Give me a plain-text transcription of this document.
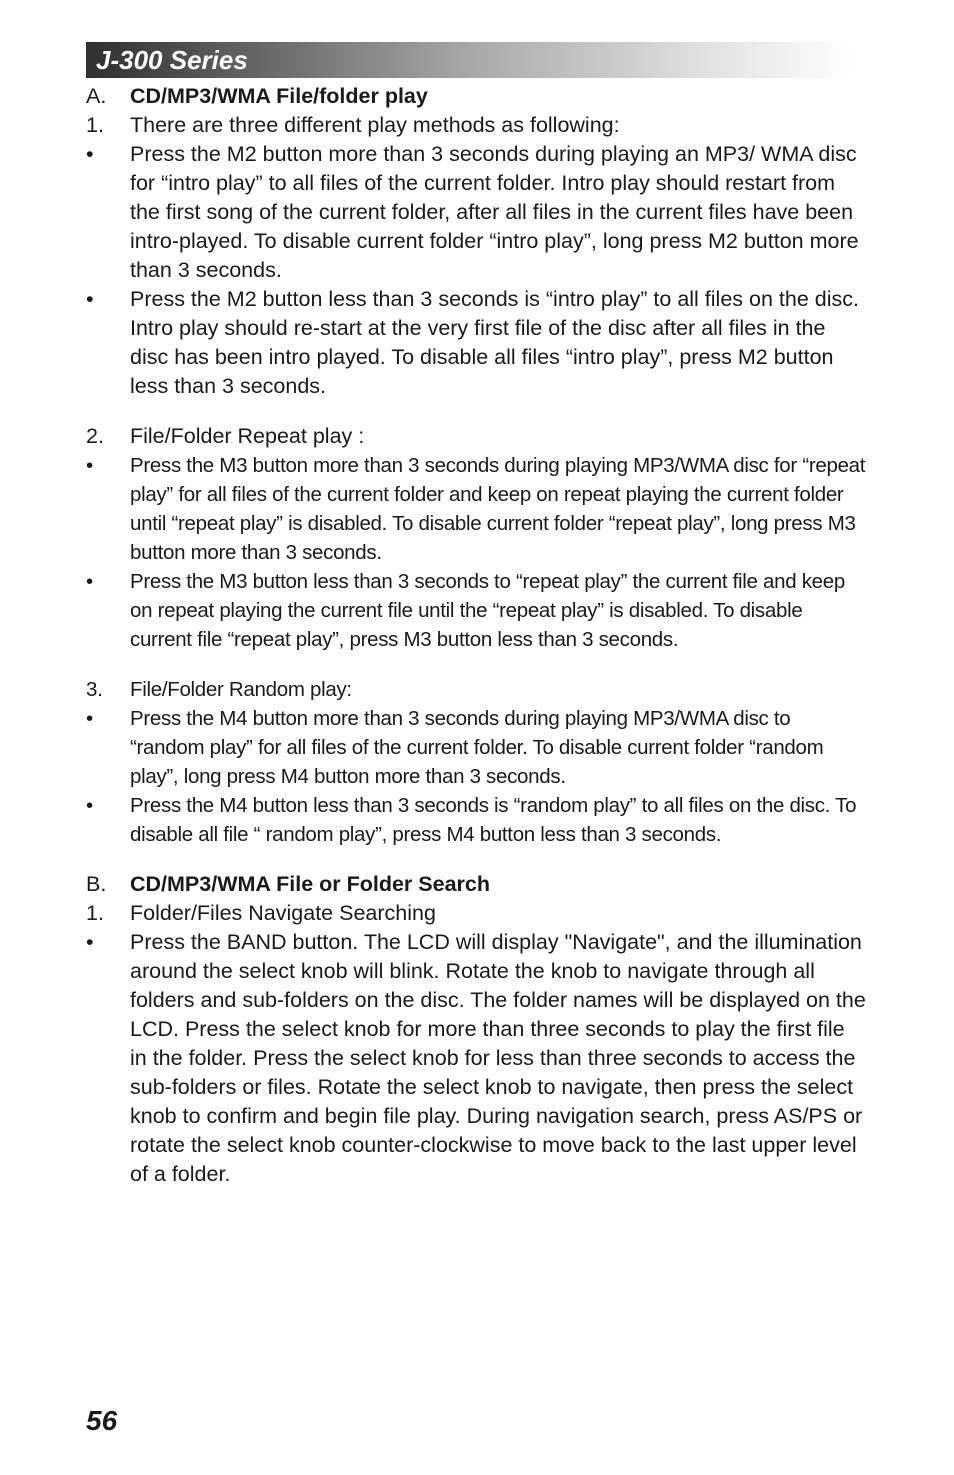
J-300 Series
A.	CD/MP3/WMA File/folder play
1.	There are three different play methods as following:
•	Press the M2 button more than 3 seconds during playing an MP3/ WMA disc for “intro play” to all files of the current folder. Intro play should restart from the first song of the current folder, after all files in the current files have been intro-played. To disable current folder “intro play”, long press M2 button more than 3 seconds.
•	Press the M2 button less than 3 seconds is “intro play” to all files on the disc. Intro play should re-start at the very first file of the disc after all files in the disc has been intro played. To disable all files “intro play”, press M2 button less than 3 seconds.
2.	File/Folder Repeat play :
•	Press the M3 button more than 3 seconds during playing MP3/WMA disc for “repeat play” for all files of the current folder and keep on repeat playing the current folder until “repeat play” is disabled. To disable current folder “repeat play”, long press M3 button more than 3 seconds.
•	Press the M3 button less than 3 seconds to “repeat play” the current file and keep on repeat playing the current file until the “repeat play” is disabled. To disable current file “repeat play”, press M3 button less than 3 seconds.
3.	File/Folder Random play:
•	Press the M4 button more than 3 seconds during playing MP3/WMA disc to “random play” for all files of the current folder. To disable current folder “random play”, long press M4 button more than 3 seconds.
•	Press the M4 button less than 3 seconds is “random play” to all files on the disc. To disable all file “ random play”, press M4 button less than 3 seconds.
B.	CD/MP3/WMA File or Folder Search
1.	Folder/Files Navigate Searching
•	Press the BAND button. The LCD will display "Navigate", and the illumination around the select knob will blink. Rotate the knob to navigate through all folders and sub-folders on the disc. The folder names will be displayed on the LCD. Press the select knob for more than three seconds to play the first file in the folder. Press the select knob for less than three seconds to access the sub-folders or files. Rotate the select knob to navigate, then press the select knob to confirm and begin file play. During navigation search, press AS/PS or rotate the select knob counter-clockwise to move back to the last upper level of a folder.
56
